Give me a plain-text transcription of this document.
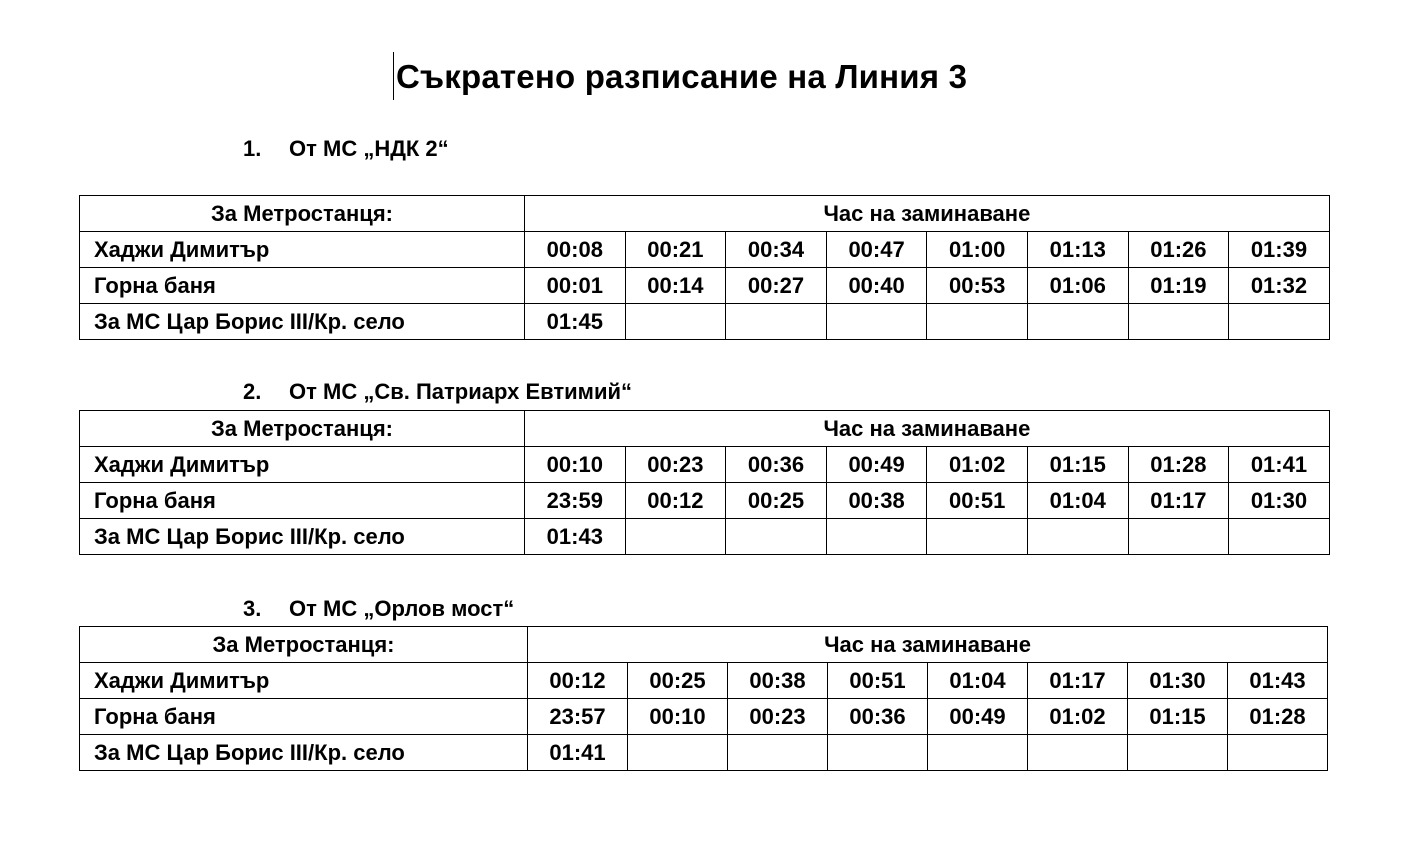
Съкратено разписание на Линия 3
1. От МС „НДК 2“
За Метростанця:	Час на заминаване							
Хаджи Димитър	00:08	00:21	00:34	00:47	01:00	01:13	01:26	01:39
Горна баня	00:01	00:14	00:27	00:40	00:53	01:06	01:19	01:32
За МС Цар Борис III/Кр. село	01:45							
2. От МС „Св. Патриарх Евтимий“
За Метростанця:	Час на заминаване							
Хаджи Димитър	00:10	00:23	00:36	00:49	01:02	01:15	01:28	01:41
Горна баня	23:59	00:12	00:25	00:38	00:51	01:04	01:17	01:30
За МС Цар Борис III/Кр. село	01:43							
3. От МС „Орлов мост“
За Метростанця:	Час на заминаване							
Хаджи Димитър	00:12	00:25	00:38	00:51	01:04	01:17	01:30	01:43
Горна баня	23:57	00:10	00:23	00:36	00:49	01:02	01:15	01:28
За МС Цар Борис III/Кр. село	01:41							
